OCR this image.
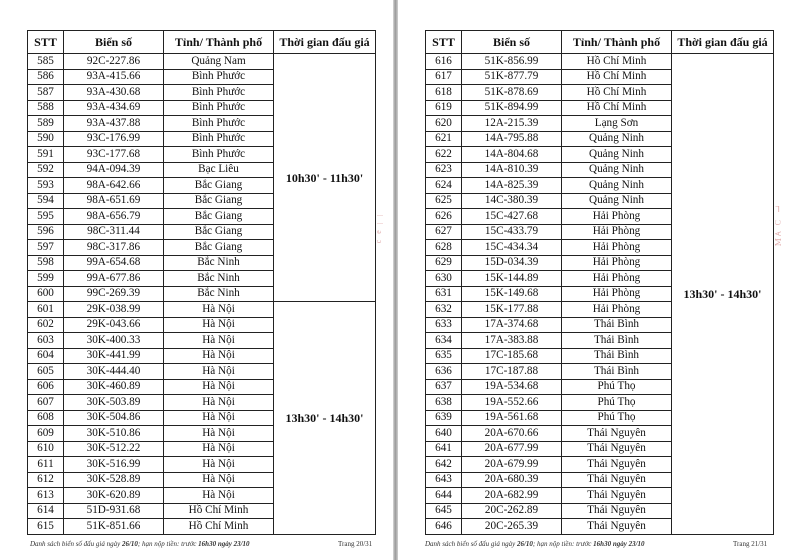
STT	Biển số	Tỉnh/ Thành phố	Thời gian đấu giá
585	92C-227.86	Quảng Nam	10h30' - 11h30'
586	93A-415.66	Bình Phước	
587	93A-430.68	Bình Phước	
588	93A-434.69	Bình Phước	
589	93A-437.88	Bình Phước	
590	93C-176.99	Bình Phước	
591	93C-177.68	Bình Phước	
592	94A-094.39	Bạc Liêu	
593	98A-642.66	Bắc Giang	
594	98A-651.69	Bắc Giang	
595	98A-656.79	Bắc Giang	
596	98C-311.44	Bắc Giang	
597	98C-317.86	Bắc Giang	
598	99A-654.68	Bắc Ninh	
599	99A-677.86	Bắc Ninh	
600	99C-269.39	Bắc Ninh	
601	29K-038.99	Hà Nội	13h30' - 14h30'
602	29K-043.66	Hà Nội	
603	30K-400.33	Hà Nội	
604	30K-441.99	Hà Nội	
605	30K-444.40	Hà Nội	
606	30K-460.89	Hà Nội	
607	30K-503.89	Hà Nội	
608	30K-504.86	Hà Nội	
609	30K-510.86	Hà Nội	
610	30K-512.22	Hà Nội	
611	30K-516.99	Hà Nội	
612	30K-528.89	Hà Nội	
613	30K-620.89	Hà Nội	
614	51D-931.68	Hồ Chí Minh	
615	51K-851.66	Hồ Chí Minh	
Danh sách biển số đấu giá ngày 26/10; hạn nộp tiền: trước 16h30 ngày 23/10	Trang 20/31
ǀ ǀ ə ɔ
STT	Biển số	Tỉnh/ Thành phố	Thời gian đấu giá
616	51K-856.99	Hồ Chí Minh	13h30' - 14h30'
617	51K-877.79	Hồ Chí Minh	
618	51K-878.69	Hồ Chí Minh	
619	51K-894.99	Hồ Chí Minh	
620	12A-215.39	Lạng Sơn	
621	14A-795.88	Quảng Ninh	
622	14A-804.68	Quảng Ninh	
623	14A-810.39	Quảng Ninh	
624	14A-825.39	Quảng Ninh	
625	14C-380.39	Quảng Ninh	
626	15C-427.68	Hải Phòng	
627	15C-433.79	Hải Phòng	
628	15C-434.34	Hải Phòng	
629	15D-034.39	Hải Phòng	
630	15K-144.89	Hải Phòng	
631	15K-149.68	Hải Phòng	
632	15K-177.88	Hải Phòng	
633	17A-374.68	Thái Bình	
634	17A-383.88	Thái Bình	
635	17C-185.68	Thái Bình	
636	17C-187.88	Thái Bình	
637	19A-534.68	Phú Thọ	
638	19A-552.66	Phú Thọ	
639	19A-561.68	Phú Thọ	
640	20A-670.66	Thái Nguyên	
641	20A-677.99	Thái Nguyên	
642	20A-679.99	Thái Nguyên	
643	20A-680.39	Thái Nguyên	
644	20A-682.99	Thái Nguyên	
645	20C-262.89	Thái Nguyên	
646	20C-265.39	Thái Nguyên	
Danh sách biển số đấu giá ngày 26/10; hạn nộp tiền: trước 16h30 ngày 23/10	Trang 21/31
ᒣ Ɔ ∀ꟽ
